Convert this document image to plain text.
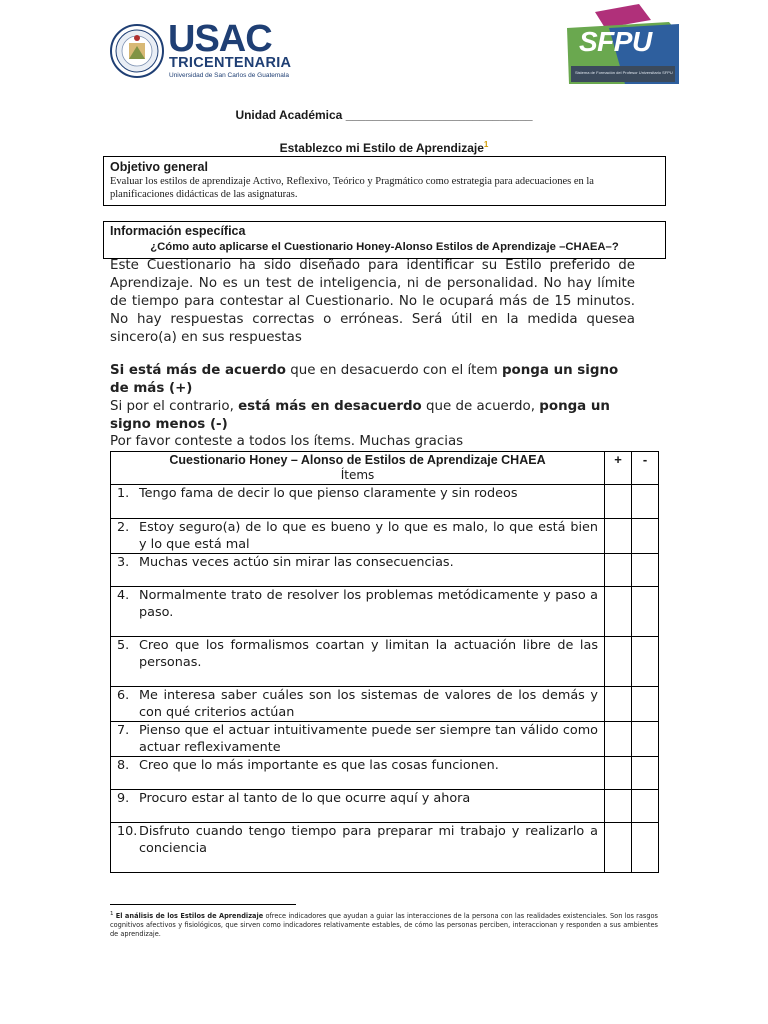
USAC
TRICENTENARIA
Universidad de San Carlos de Guatemala
SFPU
Sistema de Formación del Profesor Universitario SFPU
Unidad Académica ____________________________
Establezco mi Estilo de Aprendizaje$^1$
Objetivo general
Evaluar los estilos de aprendizaje Activo, Reflexivo, Teórico y Pragmático como estrategia para adecuaciones en la planificaciones didácticas de las asignaturas.
Información específica
¿Cómo auto aplicarse el Cuestionario Honey-Alonso Estilos de Aprendizaje –CHAEA–?
Este Cuestionario ha sido diseñado para identificar su Estilo preferido de Aprendizaje. No es un test de inteligencia, ni de personalidad. No hay límite de tiempo para contestar al Cuestionario. No le ocupará más de 15 minutos. No hay respuestas correctas o erróneas. Será útil en la medida quesea sincero(a) en sus respuestas
Si está más de acuerdo que en desacuerdo con el ítem ponga un signo de más (+)
Si por el contrario, está más en desacuerdo que de acuerdo, ponga un signo menos (-)
Por favor conteste a todos los ítems. Muchas gracias
Cuestionario Honey – Alonso de Estilos de Aprendizaje CHAEA
Ítems	+	-

1. Tengo fama de decir lo que pienso claramente y sin rodeos		

2. Estoy seguro(a) de lo que es bueno y lo que es malo, lo que está bien y lo que está mal		

3. Muchas veces actúo sin mirar las consecuencias.		

4. Normalmente trato de resolver los problemas metódicamente y paso a paso.		

5. Creo que los formalismos coartan y limitan la actuación libre de las personas.		

6. Me interesa saber cuáles son los sistemas de valores de los demás y con qué criterios actúan		

7. Pienso que el actuar intuitivamente puede ser siempre tan válido como actuar reflexivamente		

8. Creo que lo más importante es que las cosas funcionen.		

9. Procuro estar al tanto de lo que ocurre aquí y ahora		

10. Disfruto cuando tengo tiempo para preparar mi trabajo y realizarlo a conciencia		

$^1$ El análisis de los Estilos de Aprendizaje ofrece indicadores que ayudan a guiar las interacciones de la persona con las realidades existenciales. Son los rasgos cognitivos afectivos y fisiológicos, que sirven como indicadores relativamente estables, de cómo las personas perciben, interaccionan y responden a sus ambientes de aprendizaje.
